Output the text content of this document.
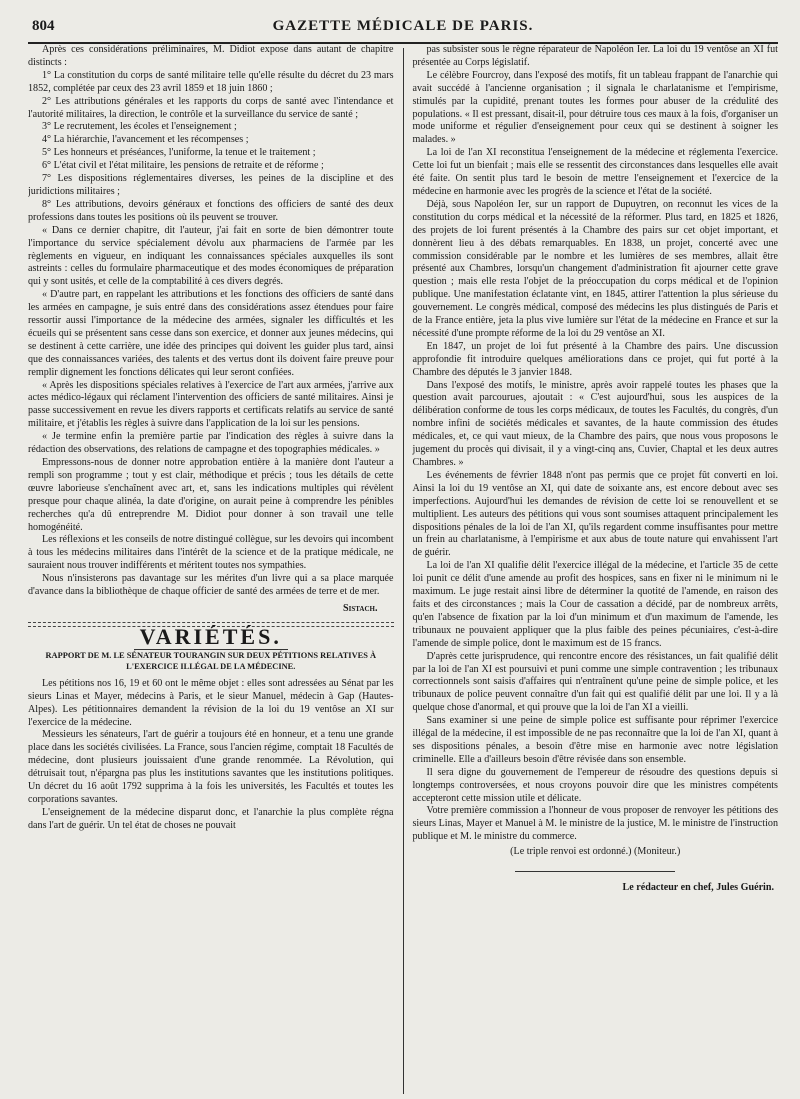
804	GAZETTE MÉDICALE DE PARIS.

Après ces considérations préliminaires, M. Didiot expose dans autant de chapitre distincts :

1° La constitution du corps de santé militaire telle qu'elle résulte du décret du 23 mars 1852, complétée par ceux des 23 avril 1859 et 18 juin 1860 ;

2° Les attributions générales et les rapports du corps de santé avec l'intendance et l'autorité militaires, la direction, le contrôle et la surveillance du service de santé ;

3° Le recrutement, les écoles et l'enseignement ;

4° La hiérarchie, l'avancement et les récompenses ;

5° Les honneurs et préséances, l'uniforme, la tenue et le traitement ;

6° L'état civil et l'état militaire, les pensions de retraite et de réforme ;

7° Les dispositions réglementaires diverses, les peines de la discipline et des juridictions militaires ;

8° Les attributions, devoirs généraux et fonctions des officiers de santé des deux professions dans toutes les positions où ils peuvent se trouver.

« Dans ce dernier chapitre, dit l'auteur, j'ai fait en sorte de bien démontrer toute l'importance du service spécialement dévolu aux pharmaciens de l'armée par les règlements en vigueur, en indiquant les connaissances spéciales auxquelles ils sont astreints : celles du formulaire pharmaceutique et des modes économiques de préparation qui y sont usités, et celle de la comptabilité à ces divers degrés.

« D'autre part, en rappelant les attributions et les fonctions des officiers de santé dans les armées en campagne, je suis entré dans des considérations assez étendues pour faire ressortir aussi l'importance de la médecine des armées, signaler les difficultés et les écueils qui se présentent sans cesse dans son exercice, et donner aux jeunes médecins, qui se destinent à cette carrière, une idée des principes qui doivent les guider plus tard, ainsi que des connaissances variées, des talents et des vertus dont ils doivent faire preuve pour remplir dignement les fonctions délicates qui leur seront confiées.

« Après les dispositions spéciales relatives à l'exercice de l'art aux armées, j'arrive aux actes médico-légaux qui réclament l'intervention des officiers de santé militaires. Ainsi je passe successivement en revue les divers rapports et certificats relatifs au service de santé militaire, et j'établis les règles à suivre dans l'application de la loi sur les pensions.

« Je termine enfin la première partie par l'indication des règles à suivre dans la rédaction des observations, des relations de campagne et des topographies médicales. »

Empressons-nous de donner notre approbation entière à la manière dont l'auteur a rempli son programme ; tout y est clair, méthodique et précis ; tous les détails de cette œuvre laborieuse s'enchaînent avec art, et, sans les indications multiples qui révèlent presque pour chaque alinéa, la date d'origine, on aurait peine à comprendre les pénibles recherches qu'a dû entreprendre M. Didiot pour donner à son travail une telle homogénéité.

Les réflexions et les conseils de notre distingué collègue, sur les devoirs qui incombent à tous les médecins militaires dans l'intérêt de la science et de la pratique médicale, ne sauraient nous trouver indifférents et méritent toutes nos sympathies.

Nous n'insisterons pas davantage sur les mérites d'un livre qui a sa place marquée d'avance dans la bibliothèque de chaque officier de santé des armées de terre et de mer.

Sistach.

VARIÉTÉS.
RAPPORT DE M. LE SÉNATEUR TOURANGIN SUR DEUX PÉTITIONS RELATIVES À L'EXERCICE ILLÉGAL DE LA MÉDECINE.

Les pétitions nos 16, 19 et 60 ont le même objet : elles sont adressées au Sénat par les sieurs Linas et Mayer, médecins à Paris, et le sieur Manuel, médecin à Gap (Hautes-Alpes). Les pétitionnaires demandent la révision de la loi du 19 ventôse an XI sur l'exercice de la médecine.

Messieurs les sénateurs, l'art de guérir a toujours été en honneur, et a tenu une grande place dans les sociétés civilisées. La France, sous l'ancien régime, comptait 18 Facultés de médecine, dont plusieurs jouissaient d'une grande renommée. La Révolution, qui détruisait tout, n'épargna pas plus les institutions savantes que les institutions politiques. Un décret du 16 août 1792 supprima à la fois les universités, les Facultés et toutes les corporations savantes.

L'enseignement de la médecine disparut donc, et l'anarchie la plus complète régna dans l'art de guérir. Un tel état de choses ne pouvait

pas subsister sous le règne réparateur de Napoléon Ier. La loi du 19 ventôse an XI fut présentée au Corps législatif.

Le célèbre Fourcroy, dans l'exposé des motifs, fit un tableau frappant de l'anarchie qui avait succédé à l'ancienne organisation ; il signala le charlatanisme et l'empirisme, stimulés par la cupidité, prenant toutes les formes pour abuser de la crédulité des populations. « Il est pressant, disait-il, pour détruire tous ces maux à la fois, d'organiser un mode uniforme et régulier d'enseignement pour ceux qui se destinent à soigner les malades. »

La loi de l'an XI reconstitua l'enseignement de la médecine et réglementa l'exercice. Cette loi fut un bienfait ; mais elle se ressentit des circonstances dans lesquelles elle avait été faite. On sentit plus tard le besoin de mettre l'enseignement et l'exercice de la médecine en harmonie avec les progrès de la science et l'état de la société.

Déjà, sous Napoléon Ier, sur un rapport de Dupuytren, on reconnut les vices de la constitution du corps médical et la nécessité de la réformer. Plus tard, en 1825 et 1826, des projets de loi furent présentés à la Chambre des pairs sur cet objet important, et donnèrent lieu à des débats remarquables. En 1838, un projet, concerté avec une commission considérable par le nombre et les lumières de ses membres, allait être présenté aux Chambres, lorsqu'un changement d'administration fit ajourner cette grave question ; mais elle resta l'objet de la préoccupation du corps médical et de l'opinion publique. Une manifestation éclatante vint, en 1845, attirer l'attention la plus sérieuse du gouvernement. Le congrès médical, composé des médecins les plus distingués de Paris et de la France entière, jeta la plus vive lumière sur l'état de la médecine en France et sur la nécessité d'une prompte réforme de la loi du 29 ventôse an XI.

En 1847, un projet de loi fut présenté à la Chambre des pairs. Une discussion approfondie fit introduire quelques améliorations dans ce projet, qui fut porté à la Chambre des députés le 3 janvier 1848.

Dans l'exposé des motifs, le ministre, après avoir rappelé toutes les phases que la question avait parcourues, ajoutait : « C'est aujourd'hui, sous les auspices de la délibération conforme de tous les corps médicaux, de toutes les Facultés, du congrès, d'un nombre infini de sociétés médicales et savantes, de la haute commission des études médicales, et, ce qui vaut mieux, de la Chambre des pairs, que nous vous proposons le jugement du procès qui divisait, il y a vingt-cinq ans, Cuvier, Chaptal et les deux autres Chambres. »

Les événements de février 1848 n'ont pas permis que ce projet fût converti en loi. Ainsi la loi du 19 ventôse an XI, qui date de soixante ans, est encore debout avec ses imperfections. Aujourd'hui les demandes de révision de cette loi se renouvellent et se multiplient. Les auteurs des pétitions qui vous sont soumises attaquent principalement les dispositions pénales de la loi de l'an XI, qu'ils regardent comme insuffisantes pour mettre un frein au charlatanisme, à l'empirisme et aux abus de toute nature qui envahissent l'art de guérir.

La loi de l'an XI qualifie délit l'exercice illégal de la médecine, et l'article 35 de cette loi punit ce délit d'une amende au profit des hospices, sans en fixer ni le minimum ni le maximum. Le juge restait ainsi libre de déterminer la quotité de l'amende, en raison des faits et des circonstances ; mais la Cour de cassation a décidé, par de nombreux arrêts, qu'en l'absence de fixation par la loi d'un minimum et d'un maximum de l'amende, les tribunaux ne pouvaient appliquer que la plus faible des peines pécuniaires, c'est-à-dire l'amende de simple police, dont le maximum est de 15 francs.

D'après cette jurisprudence, qui rencontre encore des résistances, un fait qualifié délit par la loi de l'an XI est poursuivi et puni comme une simple contravention ; les tribunaux correctionnels sont saisis d'affaires qui n'entraînent qu'une peine de simple police, et les tribunaux de police peuvent connaître d'un fait qui est qualifié délit par une loi. Il y a là quelque chose d'anormal, et qui prouve que la loi de l'an XI a vieilli.

Sans examiner si une peine de simple police est suffisante pour réprimer l'exercice illégal de la médecine, il est impossible de ne pas reconnaître que la loi de l'an XI, quant à ses dispositions pénales, a besoin d'être mise en harmonie avec notre législation criminelle. Elle a d'ailleurs besoin d'être révisée dans son ensemble.

Il sera digne du gouvernement de l'empereur de résoudre des questions depuis si longtemps controversées, et nous croyons pouvoir dire que les ministres compétents accepteront cette mission utile et délicate.

Votre première commission a l'honneur de vous proposer de renvoyer les pétitions des sieurs Linas, Mayer et Manuel à M. le ministre de la justice, M. le ministre de l'instruction publique et M. le ministre du commerce.

(Le triple renvoi est ordonné.) (Moniteur.)

Le rédacteur en chef, Jules Guérin.
